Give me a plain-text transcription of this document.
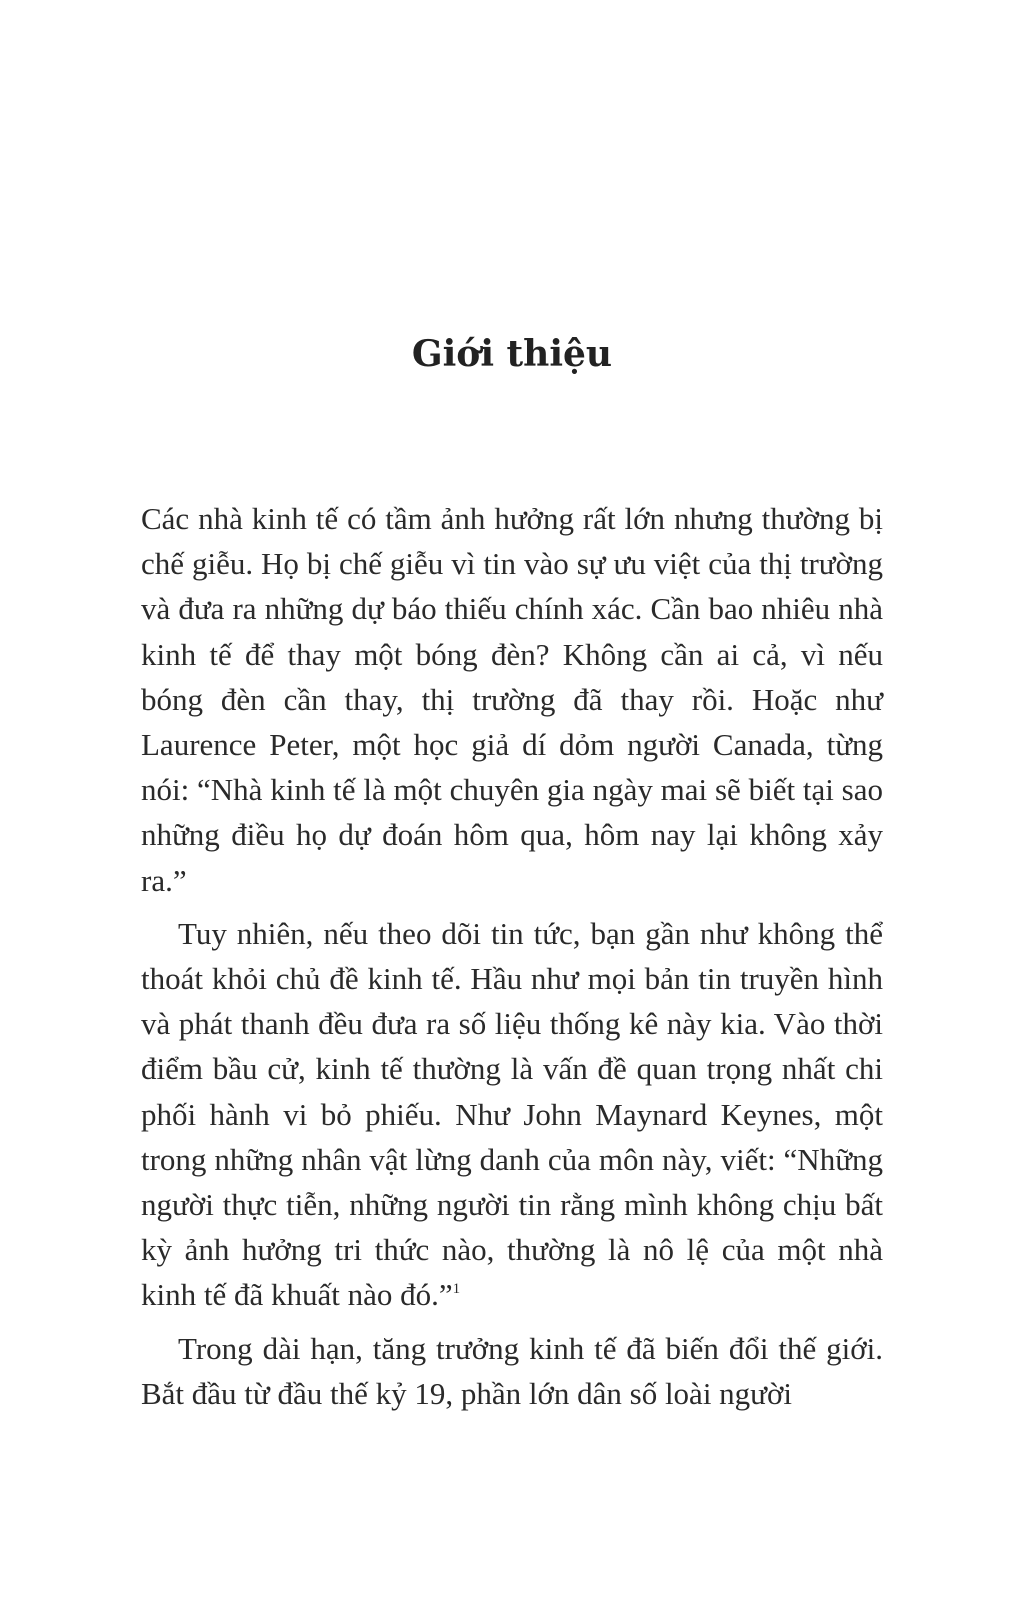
Giới thiệu

Các nhà kinh tế có tầm ảnh hưởng rất lớn nhưng thường bị chế giễu. Họ bị chế giễu vì tin vào sự ưu việt của thị trường và đưa ra những dự báo thiếu chính xác. Cần bao nhiêu nhà kinh tế để thay một bóng đèn? Không cần ai cả, vì nếu bóng đèn cần thay, thị trường đã thay rồi. Hoặc như Laurence Peter, một học giả dí dỏm người Canada, từng nói: “Nhà kinh tế là một chuyên gia ngày mai sẽ biết tại sao những điều họ dự đoán hôm qua, hôm nay lại không xảy ra.”

Tuy nhiên, nếu theo dõi tin tức, bạn gần như không thể thoát khỏi chủ đề kinh tế. Hầu như mọi bản tin truyền hình và phát thanh đều đưa ra số liệu thống kê này kia. Vào thời điểm bầu cử, kinh tế thường là vấn đề quan trọng nhất chi phối hành vi bỏ phiếu. Như John Maynard Keynes, một trong những nhân vật lừng danh của môn này, viết: “Những người thực tiễn, những người tin rằng mình không chịu bất kỳ ảnh hưởng tri thức nào, thường là nô lệ của một nhà kinh tế đã khuất nào đó.”$^1$

Trong dài hạn, tăng trưởng kinh tế đã biến đổi thế giới. Bắt đầu từ đầu thế kỷ 19, phần lớn dân số loài người
